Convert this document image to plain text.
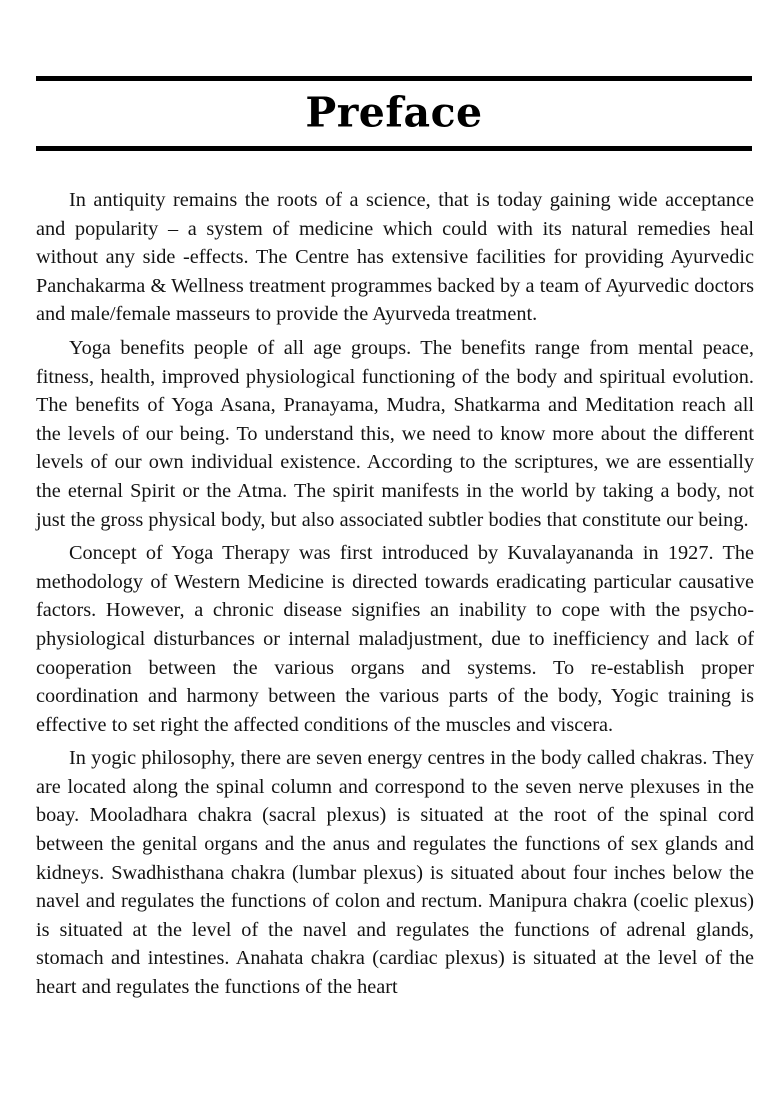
Preface

In antiquity remains the roots of a science, that is today gaining wide acceptance and popularity – a system of medicine which could with its natural remedies heal without any side -effects. The Centre has extensive facilities for providing Ayurvedic Panchakarma & Wellness treatment programmes backed by a team of Ayurvedic doctors and male/female masseurs to provide the Ayurveda treatment.

Yoga benefits people of all age groups. The benefits range from mental peace, fitness, health, improved physiological functioning of the body and spiritual evolution. The benefits of Yoga Asana, Pranayama, Mudra, Shatkarma and Meditation reach all the levels of our being. To understand this, we need to know more about the different levels of our own individual existence. According to the scriptures, we are essentially the eternal Spirit or the Atma. The spirit manifests in the world by taking a body, not just the gross physical body, but also associated subtler bodies that constitute our being.

Concept of Yoga Therapy was first introduced by Kuvalayananda in 1927. The methodology of Western Medicine is directed towards eradicating particular causative factors. However, a chronic disease signifies an inability to cope with the psycho-physiological disturbances or internal maladjustment, due to inefficiency and lack of cooperation between the various organs and systems. To re-establish proper coordination and harmony between the various parts of the body, Yogic training is effective to set right the affected conditions of the muscles and viscera.

In yogic philosophy, there are seven energy centres in the body called chakras. They are located along the spinal column and correspond to the seven nerve plexuses in the boay. Mooladhara chakra (sacral plexus) is situated at the root of the spinal cord between the genital organs and the anus and regulates the functions of sex glands and kidneys. Swadhisthana chakra (lumbar plexus) is situated about four inches below the navel and regulates the functions of colon and rectum. Manipura chakra (coelic plexus) is situated at the level of the navel and regulates the functions of adrenal glands, stomach and intestines. Anahata chakra (cardiac plexus) is situated at the level of the heart and regulates the functions of the heart
